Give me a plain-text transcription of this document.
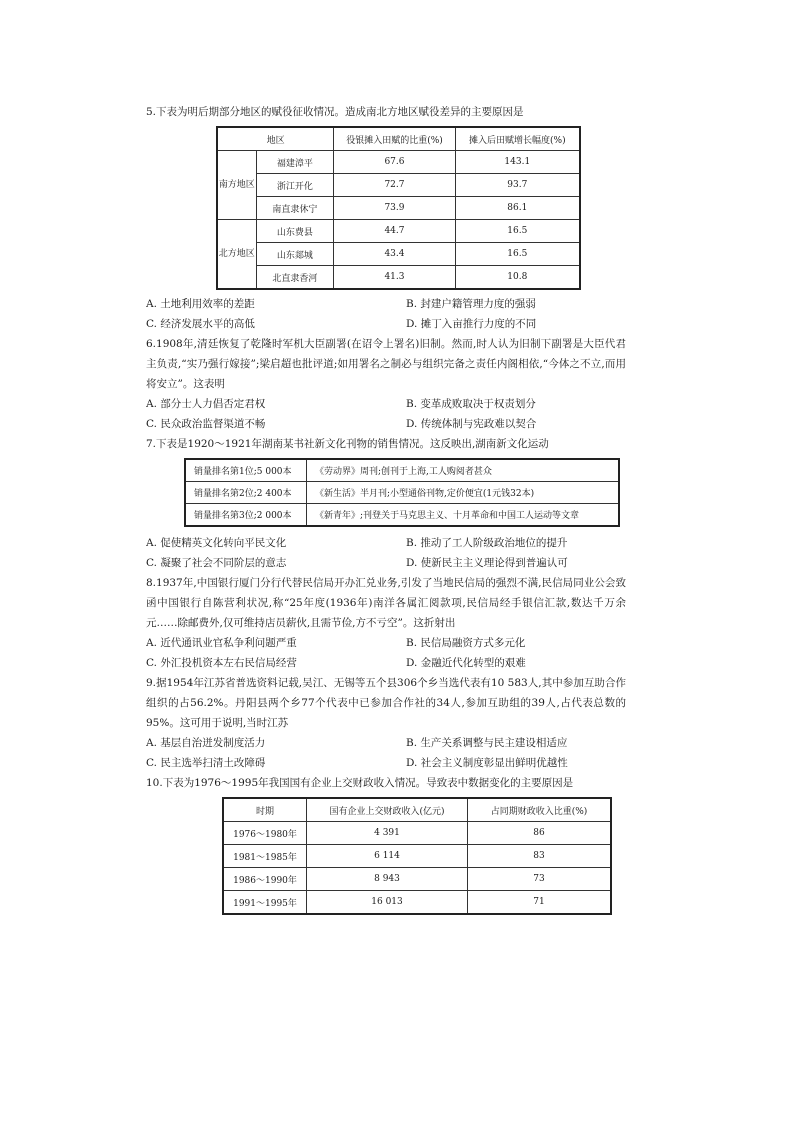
5.下表为明后期部分地区的赋役征收情况。造成南北方地区赋役差异的主要原因是

地区		役银摊入田赋的比重(%)	摊入后田赋增长幅度(%)
南方地区	福建漳平	67.6	143.1
	浙江开化	72.7	93.7
	南直隶休宁	73.9	86.1
北方地区	山东费县	44.7	16.5
	山东郯城	43.4	16.5
	北直隶香河	41.3	10.8
A. 土地利用效率的差距	B. 封建户籍管理力度的强弱
C. 经济发展水平的高低	D. 摊丁入亩推行力度的不同

6.1908年,清廷恢复了乾隆时军机大臣副署(在诏令上署名)旧制。然而,时人认为旧制下副署是大臣代君主负责,“实乃强行嫁接”;梁启超也批评道;如用署名之制必与组织完备之责任内阁相依,“今体之不立,而用将安立”。这表明

A. 部分士人力倡否定君权	B. 变革成败取决于权责划分
C. 民众政治监督渠道不畅	D. 传统体制与宪政难以契合

7.下表是1920～1921年湖南某书社新文化刊物的销售情况。这反映出,湖南新文化运动

销量排名第1位;5 000本	《劳动界》周刊;创刊于上海,工人购阅者甚众
销量排名第2位;2 400本	《新生活》半月刊;小型通俗刊物,定价便宜(1元钱32本)
销量排名第3位;2 000本	《新青年》;刊登关于马克思主义、十月革命和中国工人运动等文章
A. 促使精英文化转向平民文化	B. 推动了工人阶级政治地位的提升
C. 凝聚了社会不同阶层的意志	D. 使新民主主义理论得到普遍认可

8.1937年,中国银行厦门分行代替民信局开办汇兑业务,引发了当地民信局的强烈不满,民信局同业公会致函中国银行自陈营利状况,称“25年度(1936年)南洋各属汇阅款项,民信局经手银信汇款,数达千万余元……除邮费外,仅可维持店员薪伙,且需节俭,方不亏空”。这折射出

A. 近代通讯业官私争利问题严重	B. 民信局融资方式多元化
C. 外汇投机资本左右民信局经营	D. 金融近代化转型的艰难

9.据1954年江苏省普选资料记载,吴江、无锡等五个县306个乡当选代表有10 583人,其中参加互助合作组织的占56.2%。丹阳县两个乡77个代表中已参加合作社的34人,参加互助组的39人,占代表总数的95%。这可用于说明,当时江苏

A. 基层自治迸发制度活力	B. 生产关系调整与民主建设相适应
C. 民主选举扫清土改障碍	D. 社会主义制度彰显出鲜明优越性

10.下表为1976～1995年我国国有企业上交财政收入情况。导致表中数据变化的主要原因是

时期	国有企业上交财政收入(亿元)	占同期财政收入比重(%)
1976～1980年	4 391	86
1981～1985年	6 114	83
1986～1990年	8 943	73
1991～1995年	16 013	71
